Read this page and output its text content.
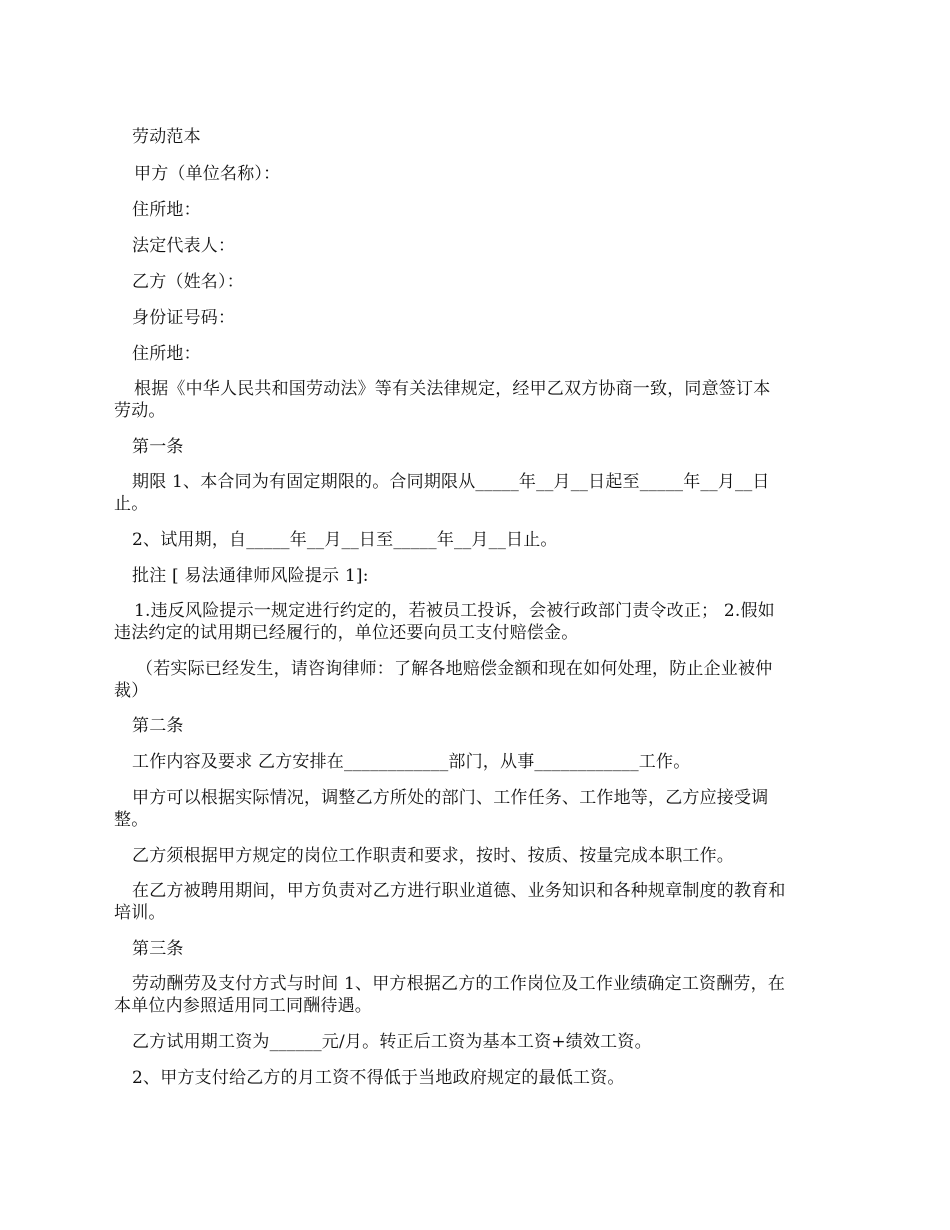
劳动范本
甲方（单位名称）：
住所地：
法定代表人：
乙方（姓名）：
身份证号码：
住所地：
根据《中华人民共和国劳动法》等有关法律规定，经甲乙双方协商一致，同意签订本
劳动。
第一条
期限 1、本合同为有固定期限的。合同期限从_____年__月__日起至_____年__月__日
止。
2、试用期，自_____年__月__日至_____年__月__日止。
批注 [ 易法通律师风险提示 1]:
1.违反风险提示一规定进行约定的，若被员工投诉，会被行政部门责令改正； 2.假如
违法约定的试用期已经履行的，单位还要向员工支付赔偿金。
（若实际已经发生，请咨询律师：了解各地赔偿金额和现在如何处理，防止企业被仲
裁）
第二条
工作内容及要求 乙方安排在____________部门，从事____________工作。
甲方可以根据实际情况，调整乙方所处的部门、工作任务、工作地等，乙方应接受调
整。
乙方须根据甲方规定的岗位工作职责和要求，按时、按质、按量完成本职工作。
在乙方被聘用期间，甲方负责对乙方进行职业道德、业务知识和各种规章制度的教育和
培训。
第三条
劳动酬劳及支付方式与时间 1、甲方根据乙方的工作岗位及工作业绩确定工资酬劳，在
本单位内参照适用同工同酬待遇。
乙方试用期工资为______元/月。转正后工资为基本工资+绩效工资。
2、甲方支付给乙方的月工资不得低于当地政府规定的最低工资。
